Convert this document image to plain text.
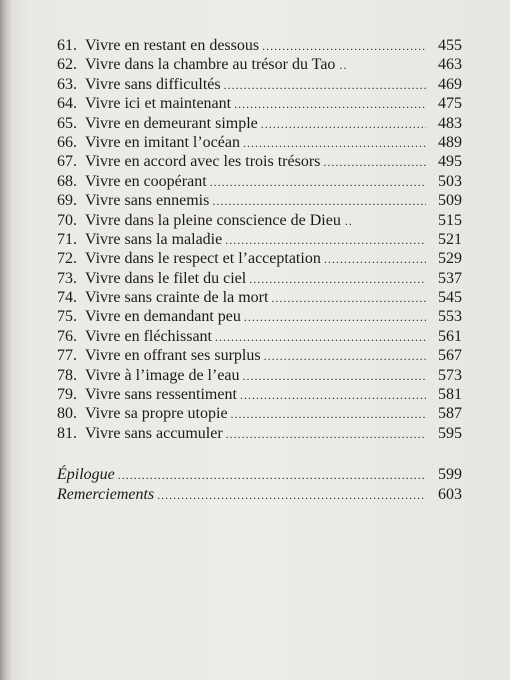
61. Vivre en restant en dessous .....	455
62. Vivre dans la chambre au trésor du Tao ..	463
63. Vivre sans difficultés .....	469
64. Vivre ici et maintenant .....	475
65. Vivre en demeurant simple .....	483
66. Vivre en imitant l’océan .....	489
67. Vivre en accord avec les trois trésors .....	495
68. Vivre en coopérant .....	503
69. Vivre sans ennemis .....	509
70. Vivre dans la pleine conscience de Dieu ..	515
71. Vivre sans la maladie .....	521
72. Vivre dans le respect et l’acceptation .....	529
73. Vivre dans le filet du ciel .....	537
74. Vivre sans crainte de la mort .....	545
75. Vivre en demandant peu .....	553
76. Vivre en fléchissant .....	561
77. Vivre en offrant ses surplus .....	567
78. Vivre à l’image de l’eau .....	573
79. Vivre sans ressentiment .....	581
80. Vivre sa propre utopie .....	587
81. Vivre sans accumuler .....	595
Épilogue .....	599
Remerciements .....	603
